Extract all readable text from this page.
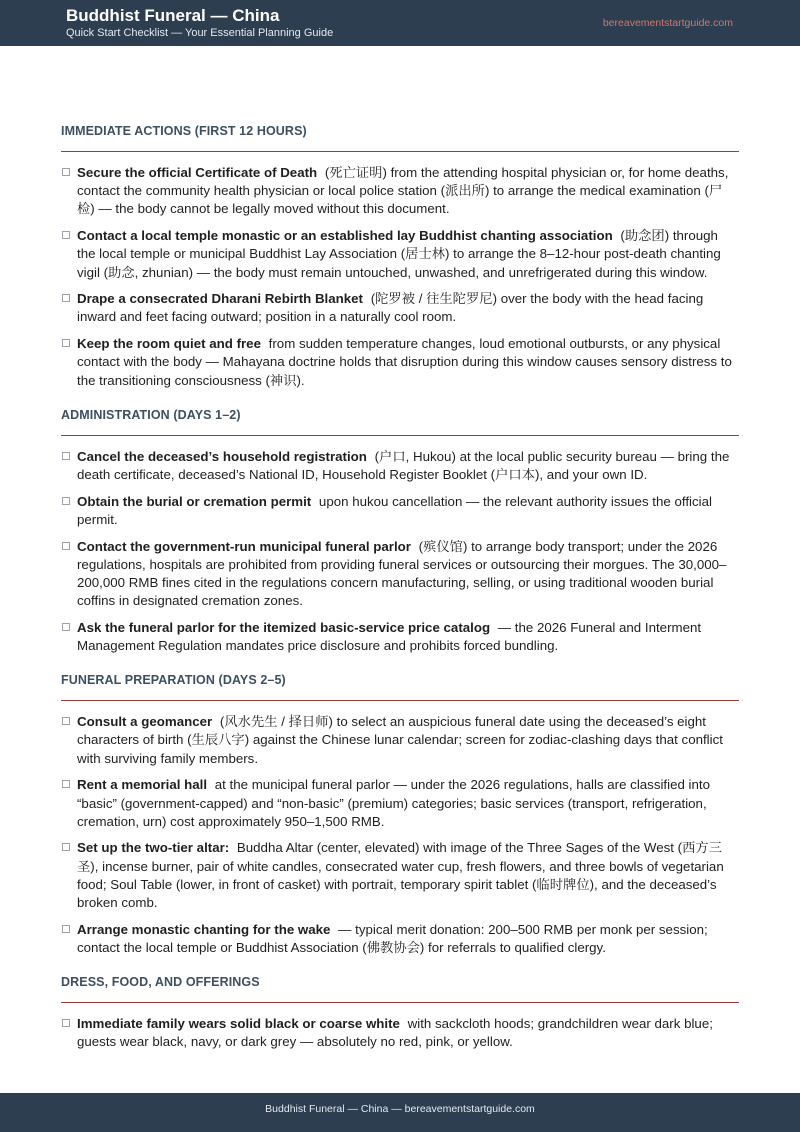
Buddhist Funeral — China
Quick Start Checklist — Your Essential Planning Guide
bereavementstartguide.com
IMMEDIATE ACTIONS (FIRST 12 HOURS)
Secure the official Certificate of Death (死亡证明) from the attending hospital physician or, for home deaths, contact the community health physician or local police station (派出所) to arrange the medical examination (尸检) — the body cannot be legally moved without this document.
Contact a local temple monastic or an established lay Buddhist chanting association (助念团) through the local temple or municipal Buddhist Lay Association (居士林) to arrange the 8–12-hour post-death chanting vigil (助念, zhunian) — the body must remain untouched, unwashed, and unrefrigerated during this window.
Drape a consecrated Dharani Rebirth Blanket (陀罗被 / 往生陀罗尼) over the body with the head facing inward and feet facing outward; position in a naturally cool room.
Keep the room quiet and free from sudden temperature changes, loud emotional outbursts, or any physical contact with the body — Mahayana doctrine holds that disruption during this window causes sensory distress to the transitioning consciousness (神识).
ADMINISTRATION (DAYS 1–2)
Cancel the deceased’s household registration (户口, Hukou) at the local public security bureau — bring the death certificate, deceased’s National ID, Household Register Booklet (户口本), and your own ID.
Obtain the burial or cremation permit upon hukou cancellation — the relevant authority issues the official permit.
Contact the government-run municipal funeral parlor (殡仪馆) to arrange body transport; under the 2026 regulations, hospitals are prohibited from providing funeral services or outsourcing their morgues. The 30,000–200,000 RMB fines cited in the regulations concern manufacturing, selling, or using traditional wooden burial coffins in designated cremation zones.
Ask the funeral parlor for the itemized basic-service price catalog — the 2026 Funeral and Interment Management Regulation mandates price disclosure and prohibits forced bundling.
FUNERAL PREPARATION (DAYS 2–5)
Consult a geomancer (风水先生 / 择日师) to select an auspicious funeral date using the deceased’s eight characters of birth (生辰八字) against the Chinese lunar calendar; screen for zodiac-clashing days that conflict with surviving family members.
Rent a memorial hall at the municipal funeral parlor — under the 2026 regulations, halls are classified into “basic” (government-capped) and “non-basic” (premium) categories; basic services (transport, refrigeration, cremation, urn) cost approximately 950–1,500 RMB.
Set up the two-tier altar: Buddha Altar (center, elevated) with image of the Three Sages of the West (西方三圣), incense burner, pair of white candles, consecrated water cup, fresh flowers, and three bowls of vegetarian food; Soul Table (lower, in front of casket) with portrait, temporary spirit tablet (临时牌位), and the deceased’s broken comb.
Arrange monastic chanting for the wake — typical merit donation: 200–500 RMB per monk per session; contact the local temple or Buddhist Association (佛教协会) for referrals to qualified clergy.
DRESS, FOOD, AND OFFERINGS
Immediate family wears solid black or coarse white with sackcloth hoods; grandchildren wear dark blue; guests wear black, navy, or dark grey — absolutely no red, pink, or yellow.
Buddhist Funeral — China — bereavementstartguide.com
